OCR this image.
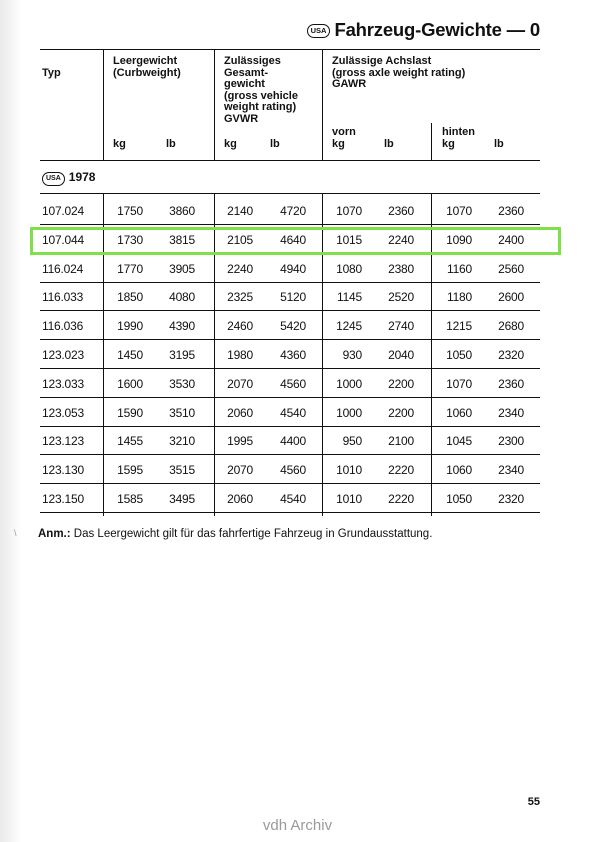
USA Fahrzeug-Gewichte — 0
Typ
Leergewicht
(Curbweight)
Zulässiges
Gesamt-
gewicht
(gross vehicle
weight rating)
GVWR
Zulässige Achslast
(gross axle weight rating)
GAWR
vorn	hinten
kg	lb	kg	lb	kg	lb	kg	lb
USA 1978
107.024	1750	3860	2140	4720	1070	2360	1070	2360
107.044	1730	3815	2105	4640	1015	2240	1090	2400
116.024	1770	3905	2240	4940	1080	2380	1160	2560
116.033	1850	4080	2325	5120	1145	2520	1180	2600
116.036	1990	4390	2460	5420	1245	2740	1215	2680
123.023	1450	3195	1980	4360	930	2040	1050	2320
123.033	1600	3530	2070	4560	1000	2200	1070	2360
123.053	1590	3510	2060	4540	1000	2200	1060	2340
123.123	1455	3210	1995	4400	950	2100	1045	2300
123.130	1595	3515	2070	4560	1010	2220	1060	2340
123.150	1585	3495	2060	4540	1010	2220	1050	2320
Anm.: Das Leergewicht gilt für das fahrfertige Fahrzeug in Grundausstattung.
\
55
vdh Archiv
